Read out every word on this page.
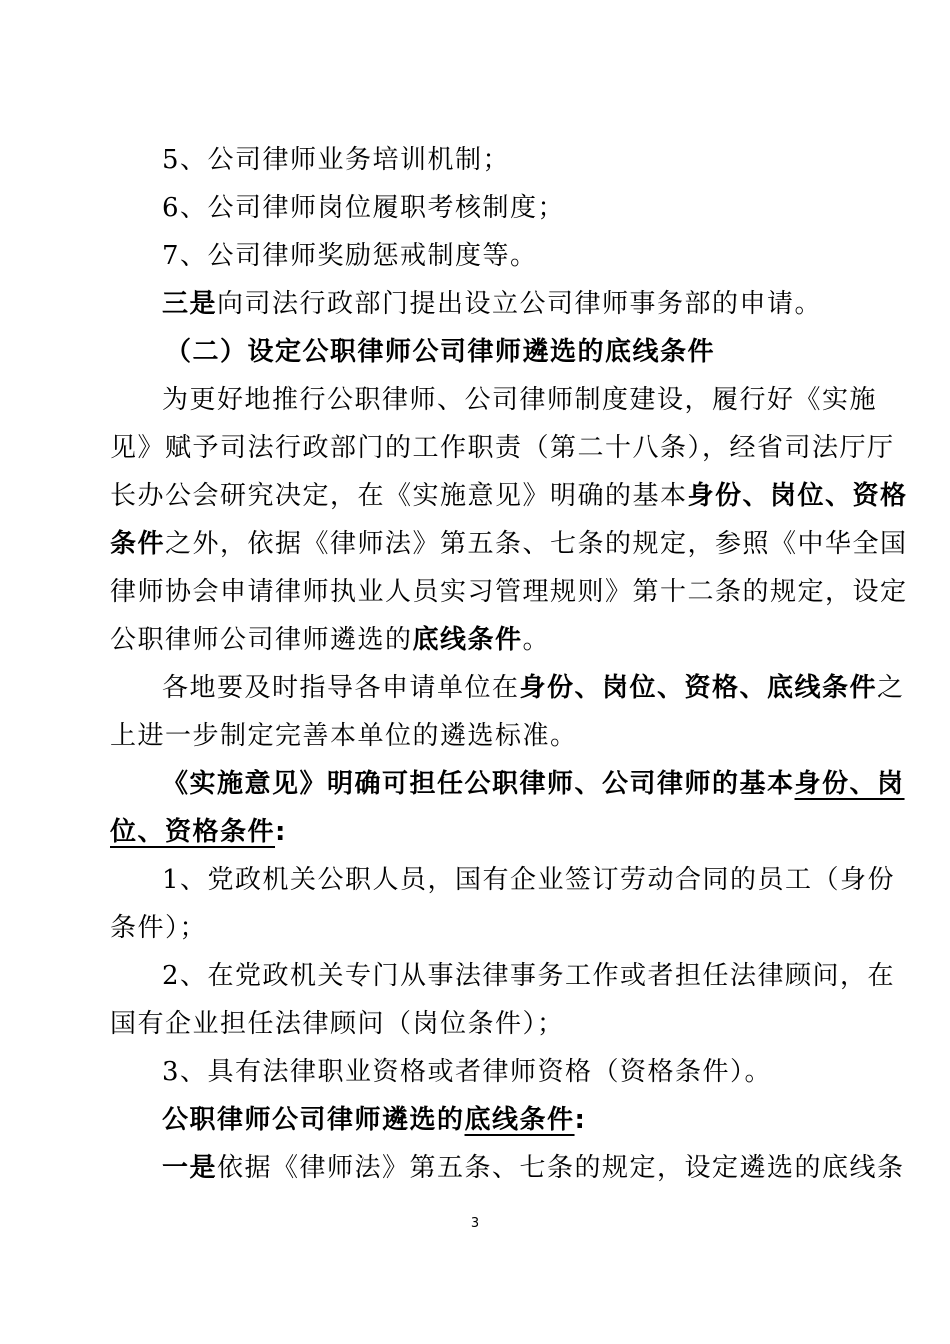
5、公司律师业务培训机制；
6、公司律师岗位履职考核制度；
7、公司律师奖励惩戒制度等。
三是向司法行政部门提出设立公司律师事务部的申请。
（二）设定公职律师公司律师遴选的底线条件
为更好地推行公职律师、公司律师制度建设，履行好《实施
见》赋予司法行政部门的工作职责（第二十八条），经省司法厅厅
长办公会研究决定，在《实施意见》明确的基本身份、岗位、资格
条件之外，依据《律师法》第五条、七条的规定，参照《中华全国
律师协会申请律师执业人员实习管理规则》第十二条的规定，设定
公职律师公司律师遴选的底线条件。
各地要及时指导各申请单位在身份、岗位、资格、底线条件之
上进一步制定完善本单位的遴选标准。
《实施意见》明确可担任公职律师、公司律师的基本身份、岗
位、资格条件:
1、党政机关公职人员，国有企业签订劳动合同的员工（身份
条件）；
2、在党政机关专门从事法律事务工作或者担任法律顾问，在
国有企业担任法律顾问（岗位条件）；
3、具有法律职业资格或者律师资格（资格条件）。
公职律师公司律师遴选的底线条件:
一是依据《律师法》第五条、七条的规定，设定遴选的底线条
3
